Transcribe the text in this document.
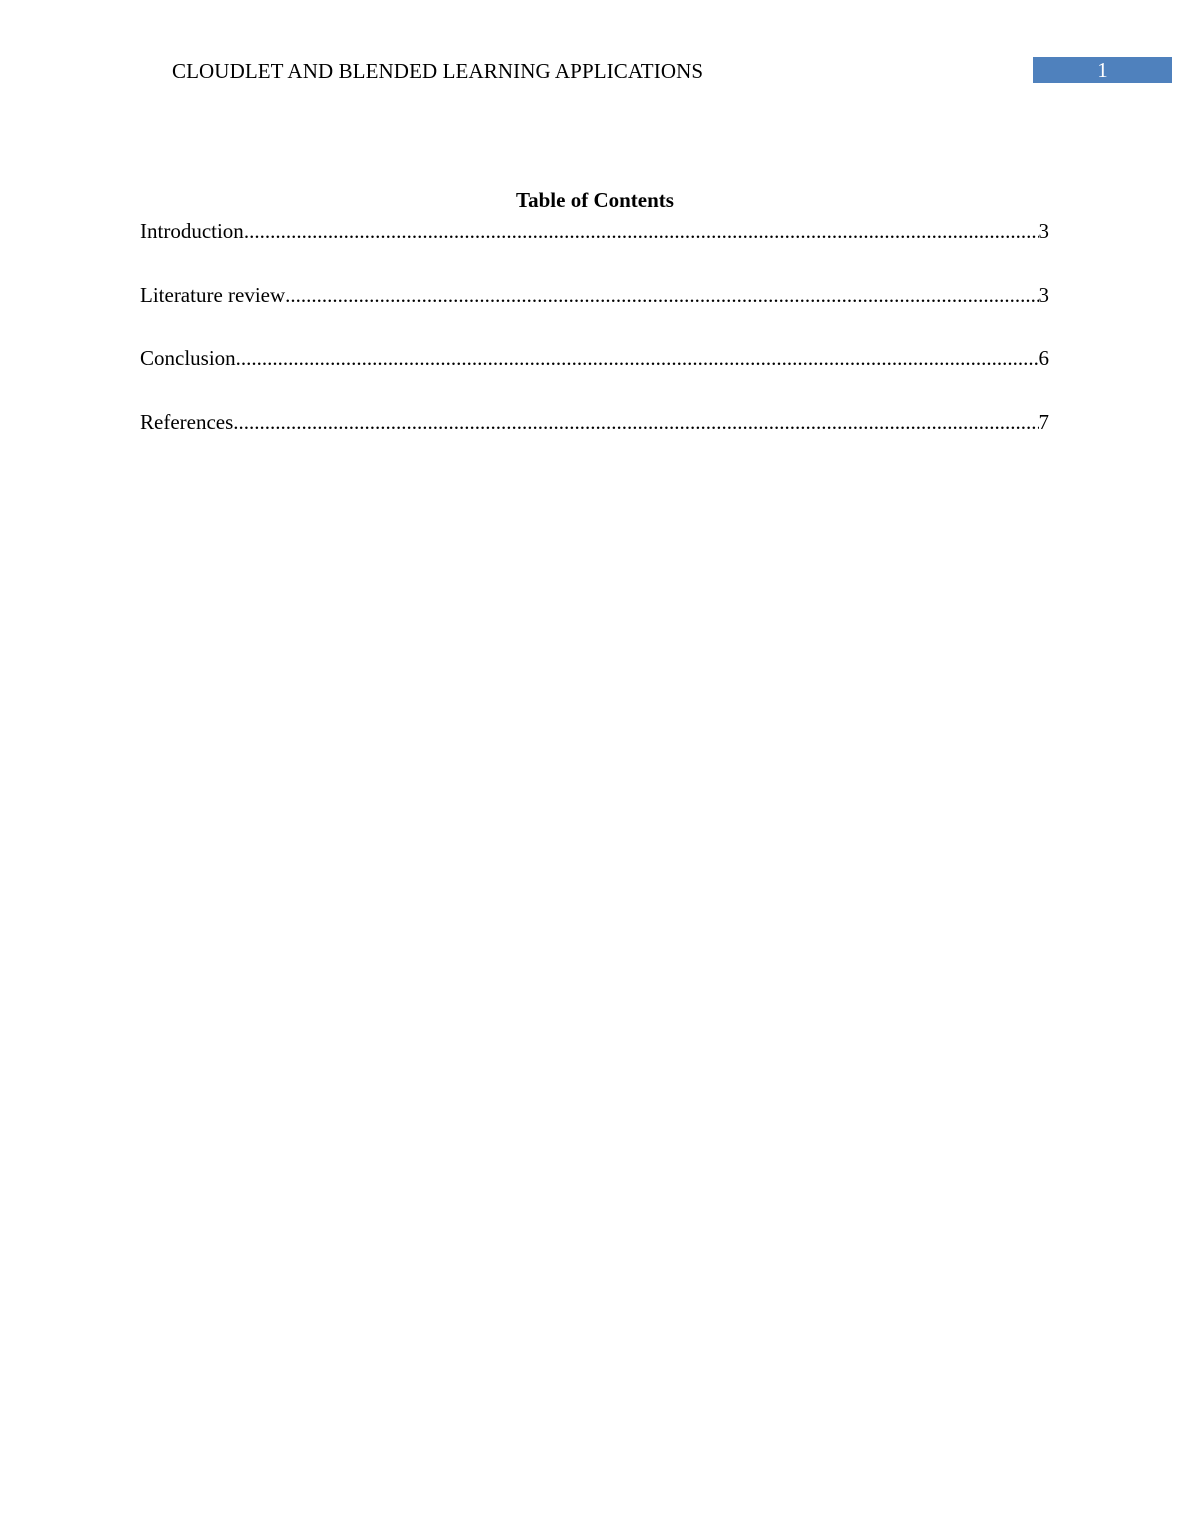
CLOUDLET AND BLENDED LEARNING APPLICATIONS	1
Table of Contents
Introduction .....	3
Literature review .....	3
Conclusion .....	6
References .....	7
